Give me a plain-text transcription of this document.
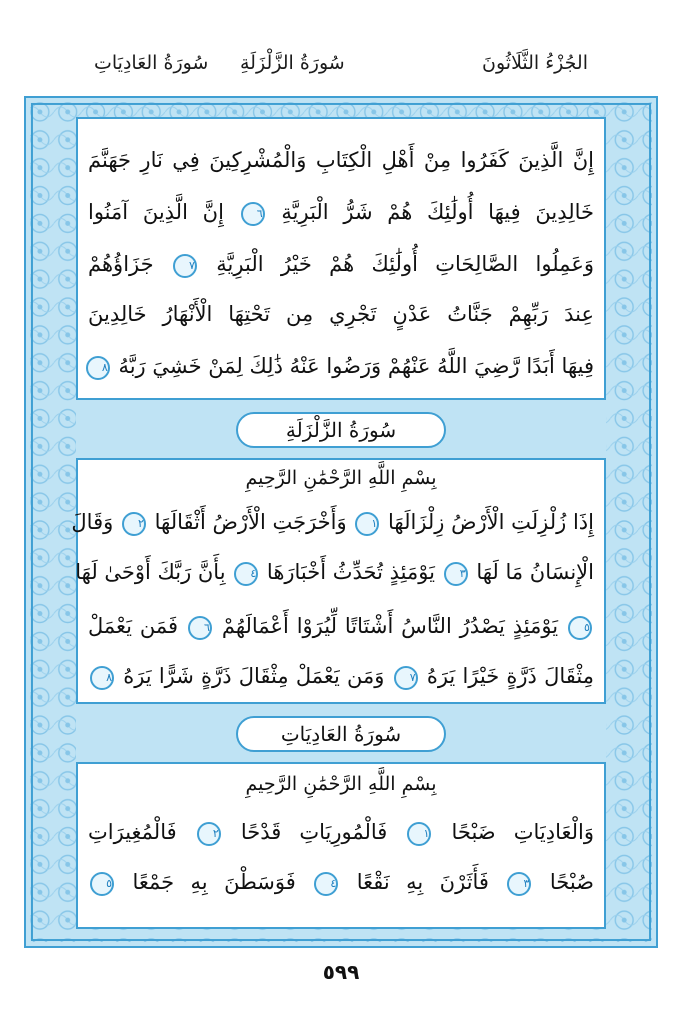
الجُزْءُ الثَّلَاثُونَ
سُورَةُ الزَّلْزَلَةِ
سُورَةُ العَادِيَاتِ
إِنَّ الَّذِينَ كَفَرُوا مِنْ أَهْلِ الْكِتَابِ وَالْمُشْرِكِينَ فِي نَارِ جَهَنَّمَ
خَالِدِينَ فِيهَا أُولَٰئِكَ هُمْ شَرُّ الْبَرِيَّةِ ٦ إِنَّ الَّذِينَ آمَنُوا
وَعَمِلُوا الصَّالِحَاتِ أُولَٰئِكَ هُمْ خَيْرُ الْبَرِيَّةِ ٧ جَزَاؤُهُمْ
عِندَ رَبِّهِمْ جَنَّاتُ عَدْنٍ تَجْرِي مِن تَحْتِهَا الْأَنْهَارُ خَالِدِينَ
فِيهَا أَبَدًا رَّضِيَ اللَّهُ عَنْهُمْ وَرَضُوا عَنْهُ ذَٰلِكَ لِمَنْ خَشِيَ رَبَّهُ ٨
سُورَةُ الزَّلْزَلَةِ
بِسْمِ اللَّهِ الرَّحْمَٰنِ الرَّحِيمِ
إِذَا زُلْزِلَتِ الْأَرْضُ زِلْزَالَهَا ١ وَأَخْرَجَتِ الْأَرْضُ أَثْقَالَهَا ٢ وَقَالَ
الْإِنسَانُ مَا لَهَا ٣ يَوْمَئِذٍ تُحَدِّثُ أَخْبَارَهَا ٤ بِأَنَّ رَبَّكَ أَوْحَىٰ لَهَا
٥ يَوْمَئِذٍ يَصْدُرُ النَّاسُ أَشْتَاتًا لِّيُرَوْا أَعْمَالَهُمْ ٦ فَمَن يَعْمَلْ
مِثْقَالَ ذَرَّةٍ خَيْرًا يَرَهُ ٧ وَمَن يَعْمَلْ مِثْقَالَ ذَرَّةٍ شَرًّا يَرَهُ ٨
سُورَةُ العَادِيَاتِ
بِسْمِ اللَّهِ الرَّحْمَٰنِ الرَّحِيمِ
وَالْعَادِيَاتِ ضَبْحًا ١ فَالْمُورِيَاتِ قَدْحًا ٢ فَالْمُغِيرَاتِ
صُبْحًا ٣ فَأَثَرْنَ بِهِ نَقْعًا ٤ فَوَسَطْنَ بِهِ جَمْعًا ٥
٥٩٩
